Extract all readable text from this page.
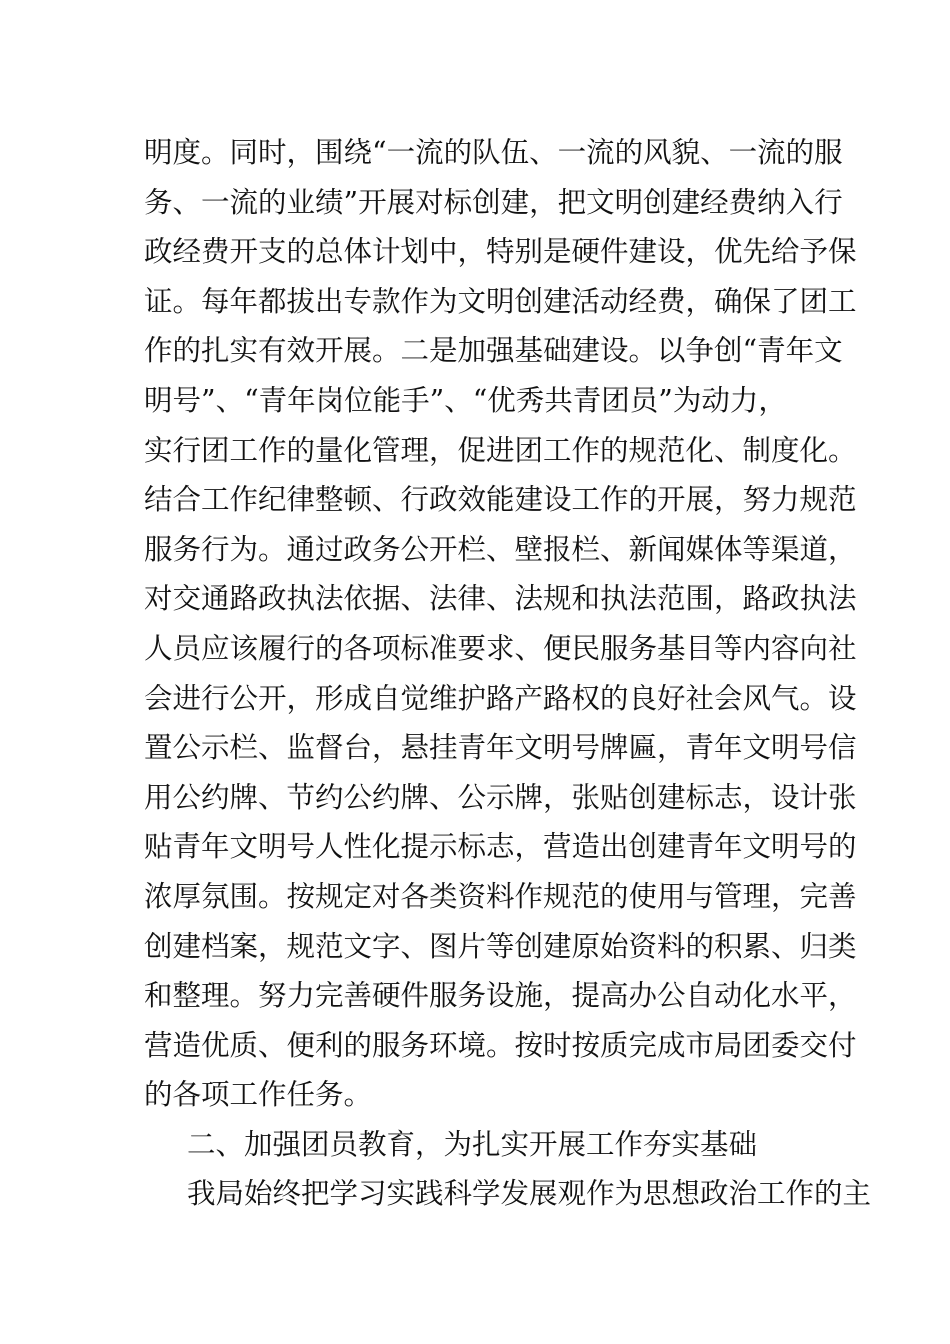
明度。同时，围绕“一流的队伍、一流的风貌、一流的服
务、一流的业绩”开展对标创建，把文明创建经费纳入行
政经费开支的总体计划中，特别是硬件建设，优先给予保
证。每年都拔出专款作为文明创建活动经费，确保了团工
作的扎实有效开展。二是加强基础建设。以争创“青年文
明号”、“青年岗位能手”、“优秀共青团员”为动力，
实行团工作的量化管理，促进团工作的规范化、制度化。
结合工作纪律整顿、行政效能建设工作的开展，努力规范
服务行为。通过政务公开栏、壁报栏、新闻媒体等渠道，
对交通路政执法依据、法律、法规和执法范围，路政执法
人员应该履行的各项标准要求、便民服务基目等内容向社
会进行公开，形成自觉维护路产路权的良好社会风气。设
置公示栏、监督台，悬挂青年文明号牌匾，青年文明号信
用公约牌、节约公约牌、公示牌，张贴创建标志，设计张
贴青年文明号人性化提示标志，营造出创建青年文明号的
浓厚氛围。按规定对各类资料作规范的使用与管理，完善
创建档案，规范文字、图片等创建原始资料的积累、归类
和整理。努力完善硬件服务设施，提高办公自动化水平，
营造优质、便利的服务环境。按时按质完成市局团委交付
的各项工作任务。
二、加强团员教育，为扎实开展工作夯实基础
我局始终把学习实践科学发展观作为思想政治工作的主
